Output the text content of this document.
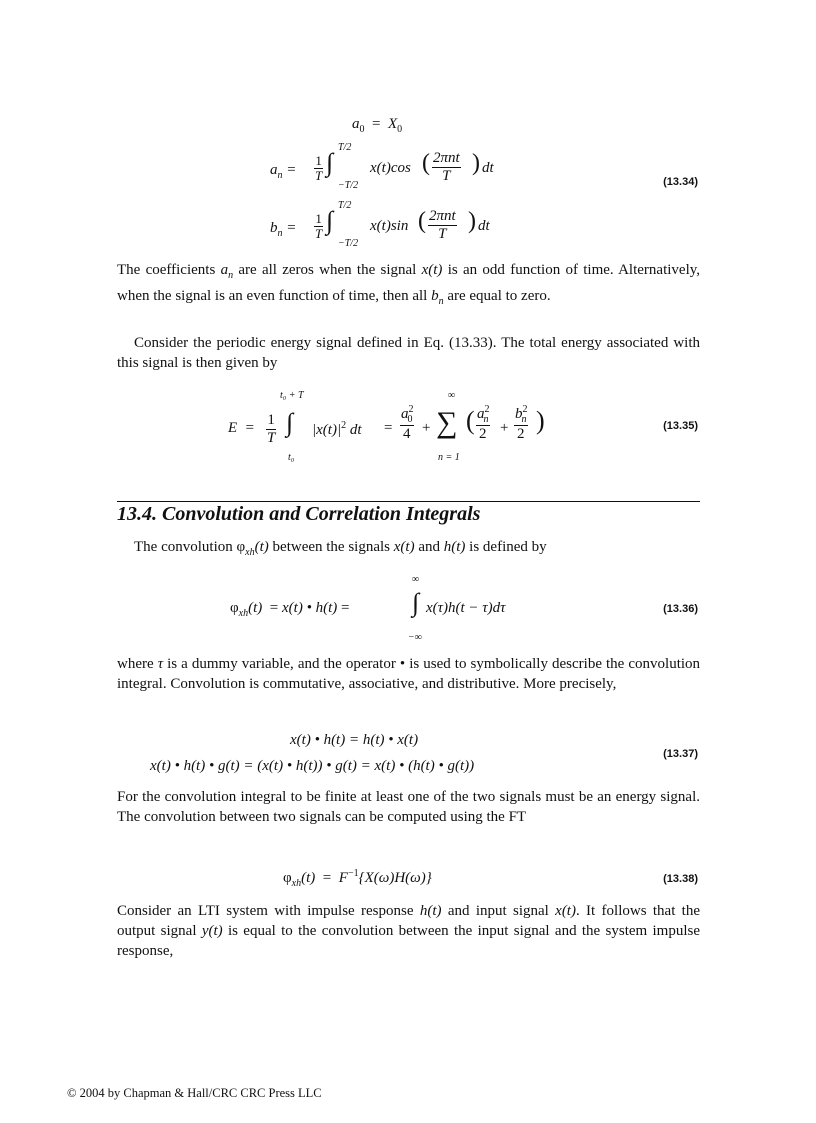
$a_0 = X_0$
$a_n = \frac{1}{T}$ ∫
T/2
−T/2
x(t)cos ( 2πnt
T ) dt
(13.34)
$b_n = \frac{1}{T}$ ∫
T/2
−T/2
x(t)sin ( 2πnt
T ) dt
The coefficients $a_n$ are all zeros when the signal x(t) is an odd function of time. Alternatively, when the signal is an even function of time, then all $b_n$ are equal to zero.
Consider the periodic energy signal defined in Eq. (13.33). The total energy associated with this signal is then given by
$E = \frac{1}{T}$
t₀ + T
∫
t₀
$|x(t)|^2$ dt = $\frac{a^2_0}{4}$ +
∞
∑
n = 1
( $\frac{a^2_n}{2} + \frac{b^2_n}{2}$ )	(13.35)
13.4. Convolution and Correlation Integrals
The convolution $\varphi_{xh}(t)$ between the signals x(t) and h(t) is defined by
$\varphi_{xh}(t) = x(t)$ • h(t) =
∞
∫
−∞
x(τ)h(t − τ)dτ	(13.36)
where τ is a dummy variable, and the operator • is used to symbolically describe the convolution integral. Convolution is commutative, associative, and distributive. More precisely,
x(t) • h(t) = h(t) • x(t)
x(t) • h(t) • g(t) = (x(t) • h(t)) • g(t) = x(t) • (h(t) • g(t))
(13.37)
For the convolution integral to be finite at least one of the two signals must be an energy signal. The convolution between two signals can be computed using the FT
$\varphi_{xh}(t) = F^{-1}\{X(\omega)H(\omega)\}$	(13.38)
Consider an LTI system with impulse response h(t) and input signal x(t). It follows that the output signal y(t) is equal to the convolution between the input signal and the system impulse response,
© 2004 by Chapman & Hall/CRC CRC Press LLC
